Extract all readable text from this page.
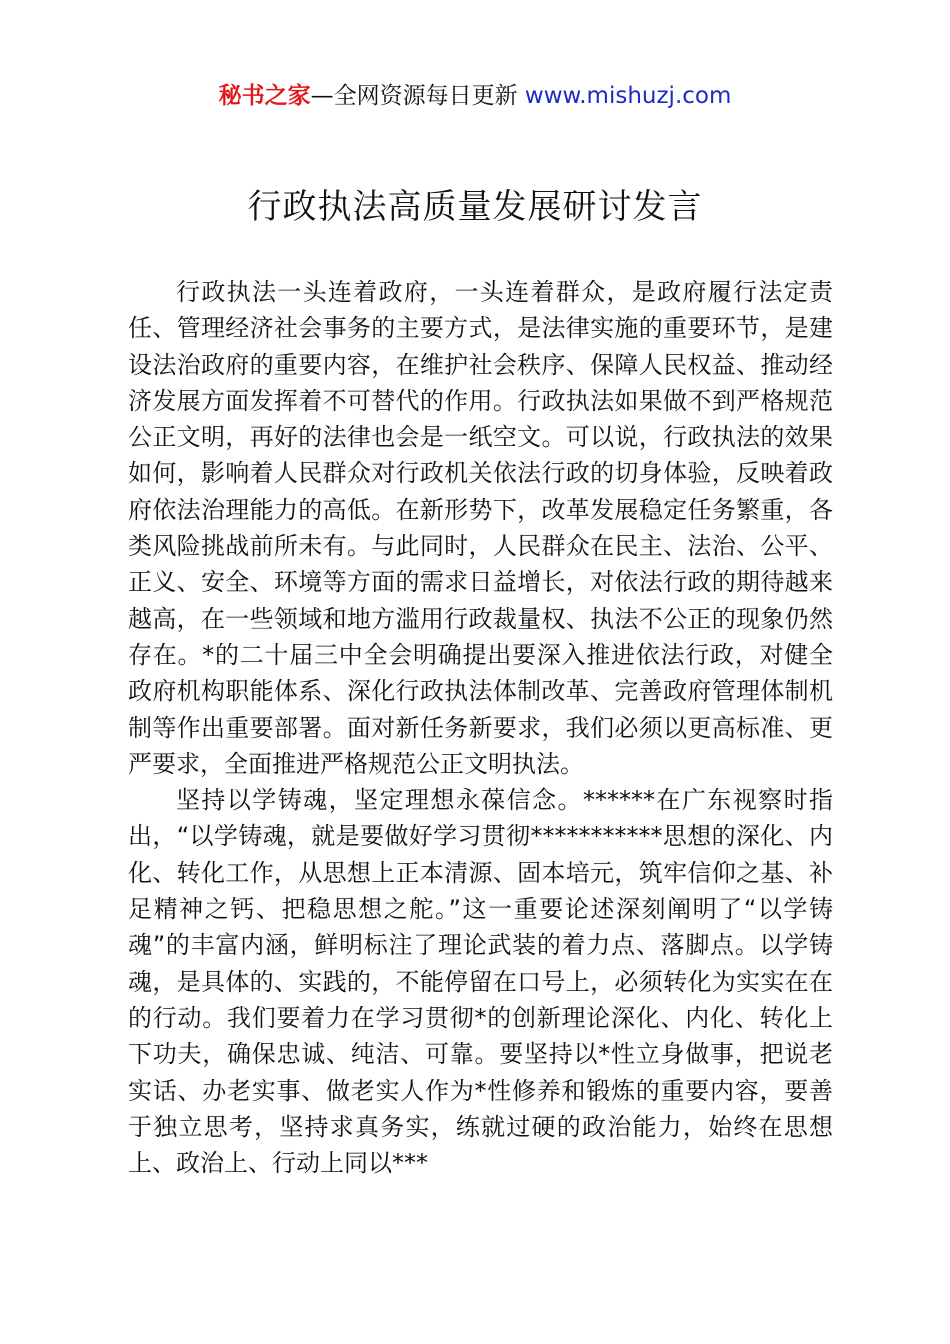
秘书之家—全网资源每日更新 www.mishuzj.com
行政执法高质量发展研讨发言

行政执法一头连着政府，一头连着群众，是政府履行法定责任、管理经济社会事务的主要方式，是法律实施的重要环节，是建设法治政府的重要内容，在维护社会秩序、保障人民权益、推动经济发展方面发挥着不可替代的作用。行政执法如果做不到严格规范公正文明，再好的法律也会是一纸空文。可以说，行政执法的效果如何，影响着人民群众对行政机关依法行政的切身体验，反映着政府依法治理能力的高低。在新形势下，改革发展稳定任务繁重，各类风险挑战前所未有。与此同时，人民群众在民主、法治、公平、正义、安全、环境等方面的需求日益增长，对依法行政的期待越来越高，在一些领域和地方滥用行政裁量权、执法不公正的现象仍然存在。*的二十届三中全会明确提出要深入推进依法行政，对健全政府机构职能体系、深化行政执法体制改革、完善政府管理体制机制等作出重要部署。面对新任务新要求，我们必须以更高标准、更严要求，全面推进严格规范公正文明执法。

坚持以学铸魂，坚定理想永葆信念。******在广东视察时指出，“以学铸魂，就是要做好学习贯彻***********思想的深化、内化、转化工作，从思想上正本清源、固本培元，筑牢信仰之基、补足精神之钙、把稳思想之舵。”这一重要论述深刻阐明了“以学铸魂”的丰富内涵，鲜明标注了理论武装的着力点、落脚点。以学铸魂，是具体的、实践的，不能停留在口号上，必须转化为实实在在的行动。我们要着力在学习贯彻*的创新理论深化、内化、转化上下功夫，确保忠诚、纯洁、可靠。要坚持以*性立身做事，把说老实话、办老实事、做老实人作为*性修养和锻炼的重要内容，要善于独立思考，坚持求真务实，练就过硬的政治能力，始终在思想上、政治上、行动上同以***
